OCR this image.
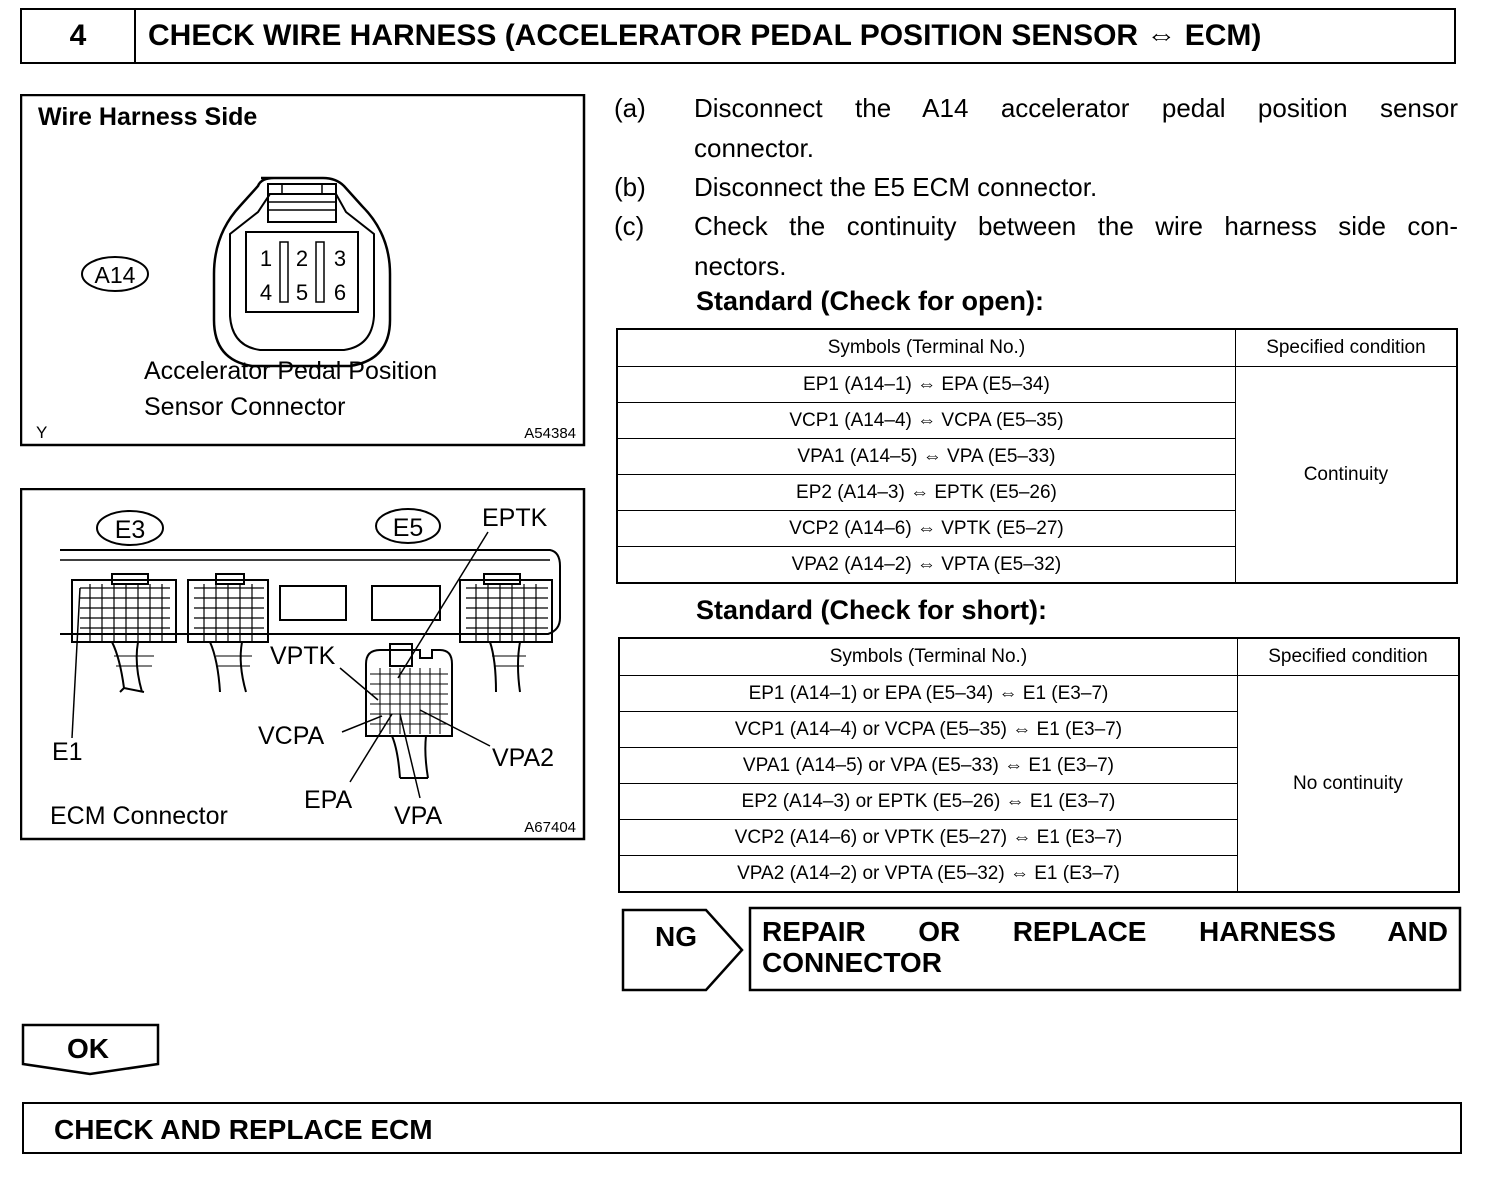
4	CHECK WIRE HARNESS (ACCELERATOR PEDAL POSITION SENSOR ⇔ ECM)
Wire Harness Side
A14
1 2 3
4 5 6
Accelerator Pedal Position
Sensor Connector
Y	A54384
E3	E5 EPTK
VPTK
VCPA
VPA2
E1
EPA
VPA
ECM Connector	A67404
(a)	Disconnect the A14 accelerator pedal position sensor
connector.
(b)	Disconnect the E5 ECM connector.
(c)	Check the continuity between the wire harness side con-
nectors.
Standard (Check for open):
Symbols (Terminal No.)	Specified condition
EP1 (A14–1) ⇔ EPA (E5–34)	Continuity
VCP1 (A14–4) ⇔ VCPA (E5–35)	
VPA1 (A14–5) ⇔ VPA (E5–33)	
EP2 (A14–3) ⇔ EPTK (E5–26)	
VCP2 (A14–6) ⇔ VPTK (E5–27)	
VPA2 (A14–2) ⇔ VPTA (E5–32)	
Standard (Check for short):
Symbols (Terminal No.)	Specified condition
EP1 (A14–1) or EPA (E5–34) ⇔ E1 (E3–7)	No continuity
VCP1 (A14–4) or VCPA (E5–35) ⇔ E1 (E3–7)	
VPA1 (A14–5) or VPA (E5–33) ⇔ E1 (E3–7)	
EP2 (A14–3) or EPTK (E5–26) ⇔ E1 (E3–7)	
VCP2 (A14–6) or VPTK (E5–27) ⇔ E1 (E3–7)	
VPA2 (A14–2) or VPTA (E5–32) ⇔ E1 (E3–7)	
NG REPAIR OR REPLACE HARNESS AND CONNECTOR
OK
CHECK AND REPLACE ECM
